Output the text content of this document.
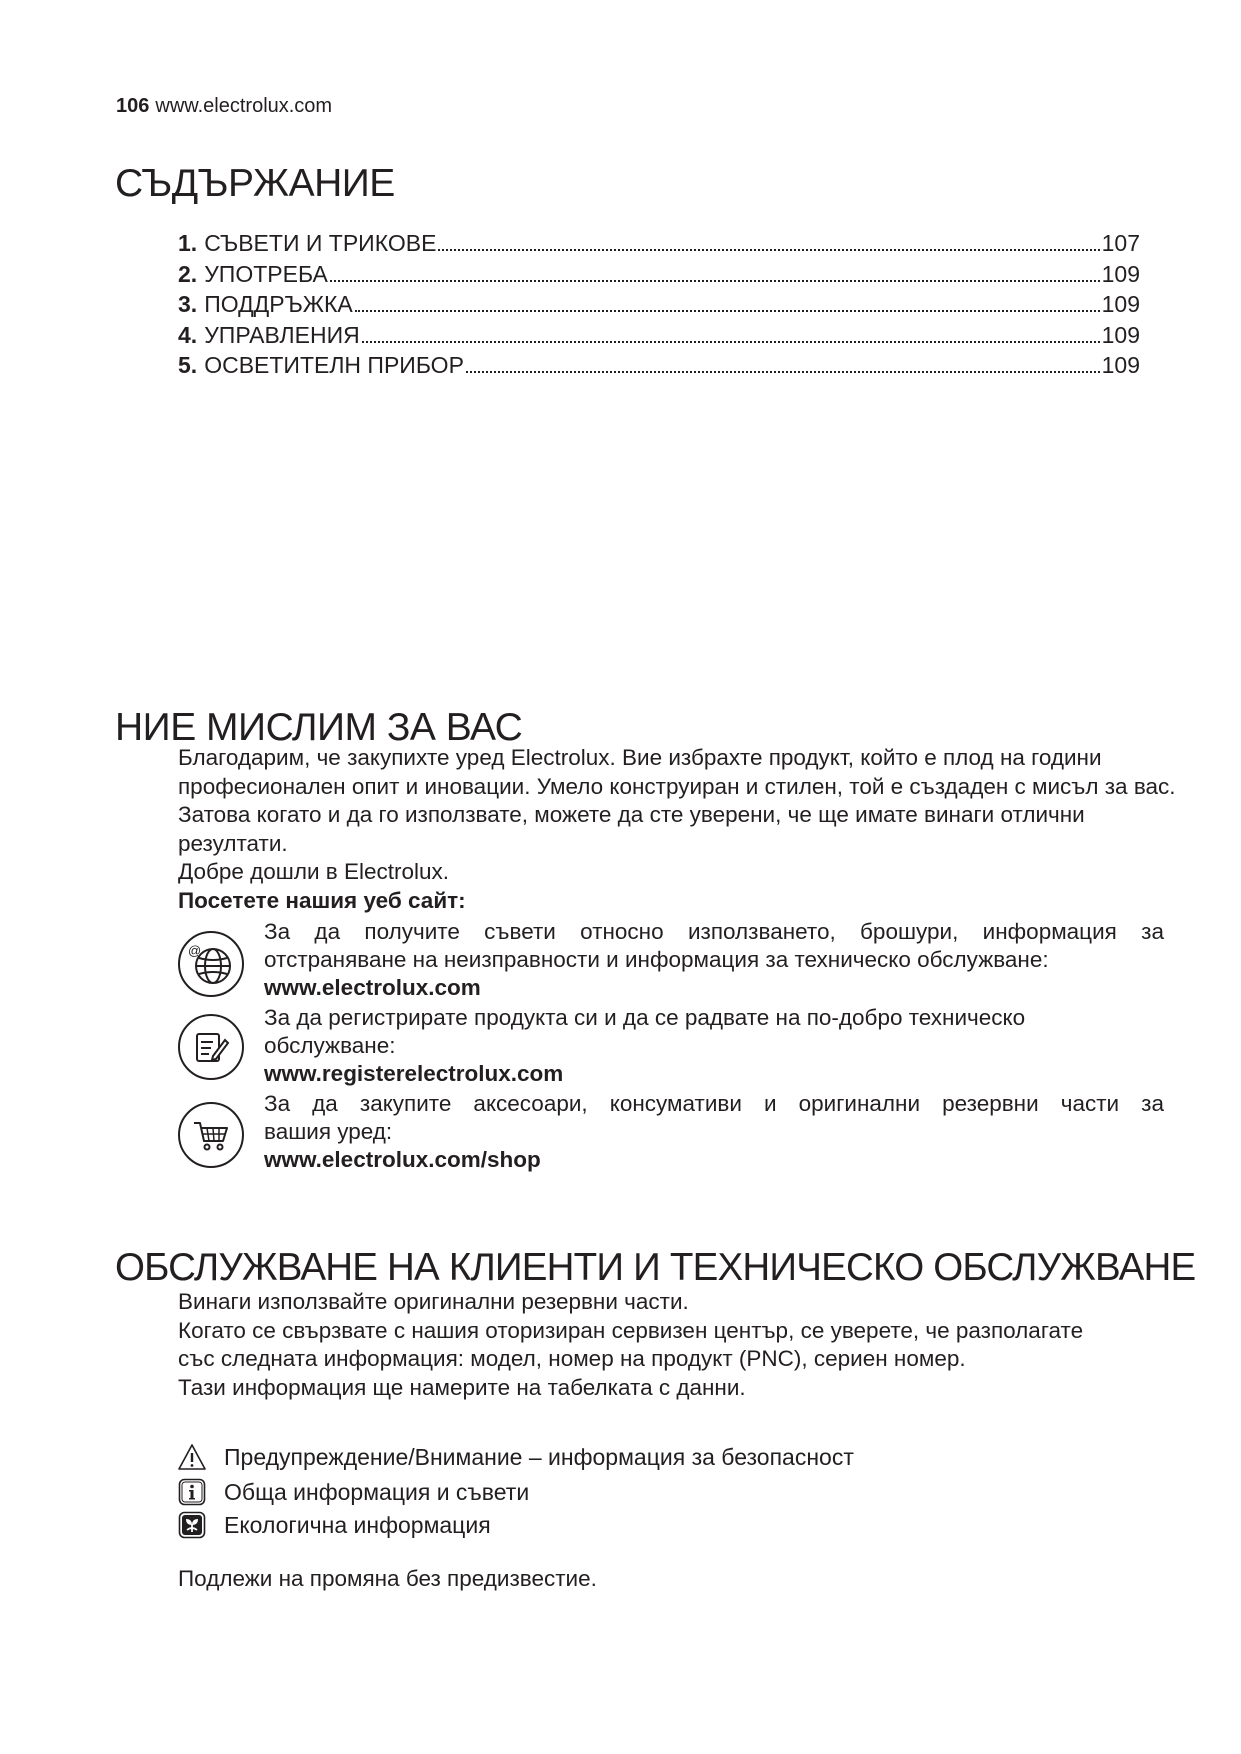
106 www.electrolux.com
СЪДЪРЖАНИЕ
1. СЪВЕТИ И ТРИКОВЕ	107
2. УПОТРЕБА	109
3. ПОДДРЪЖКА	109
4. УПРАВЛЕНИЯ	109
5. ОСВЕТИТЕЛН ПРИБОР	109
НИЕ МИСЛИМ ЗА ВАС

Благодарим, че закупихте уред Electrolux. Вие избрахте продукт, който е плод на години професионален опит и иновации. Умело конструиран и стилен, той е създаден с мисъл за вас. Затова когато и да го използвате, можете да сте уверени, че ще имате винаги отлични резултати.

Добре дошли в Electrolux.

Посетете нашия уеб сайт:

@
За да получите съвети относно използването, брошури, информация за
отстраняване на неизправности и информация за техническо обслужване:
www.electrolux.com
За да регистрирате продукта си и да се радвате на по-добро техническо
обслужване:
www.registerelectrolux.com
За да закупите аксесоари, консумативи и оригинални резервни части за
вашия уред:
www.electrolux.com/shop
ОБСЛУЖВАНЕ НА КЛИЕНТИ И ТЕХНИЧЕСКО ОБСЛУЖВАНЕ

Винаги използвайте оригинални резервни части.

Когато се свързвате с нашия оторизиран сервизен център, се уверете, че разполагате

със следната информация: модел, номер на продукт (PNC), сериен номер.

Тази информация ще намерите на табелката с данни.

Предупреждение/Внимание – информация за безопасност
Обща информация и съвети
Екологична информация
Подлежи на промяна без предизвестие.
